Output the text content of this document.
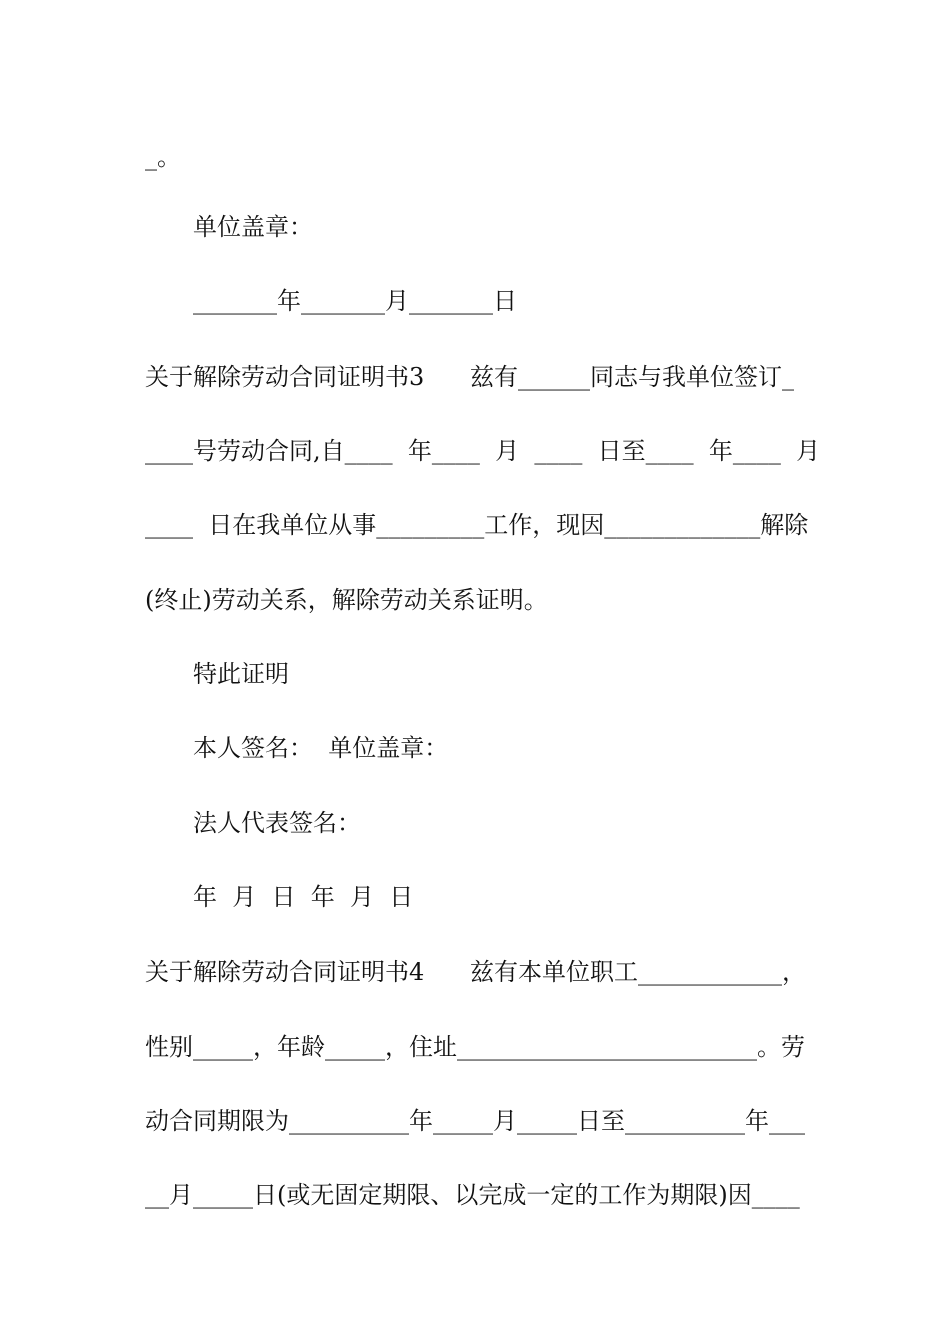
_。
单位盖章：
_______年_______月_______日
关于解除劳动合同证明书3      兹有______同志与我单位签订_
____号劳动合同,自____  年____  月  ____  日至____  年____  月
____  日在我单位从事_________工作，现因_____________解除
(终止)劳动关系，解除劳动关系证明。
特此证明
本人签名：  单位盖章：
法人代表签名：
年  月  日  年  月  日
关于解除劳动合同证明书4      兹有本单位职工____________，
性别_____，年龄_____，住址_________________________。劳
动合同期限为__________年_____月_____日至__________年___
__月_____日(或无固定期限、以完成一定的工作为期限)因____
